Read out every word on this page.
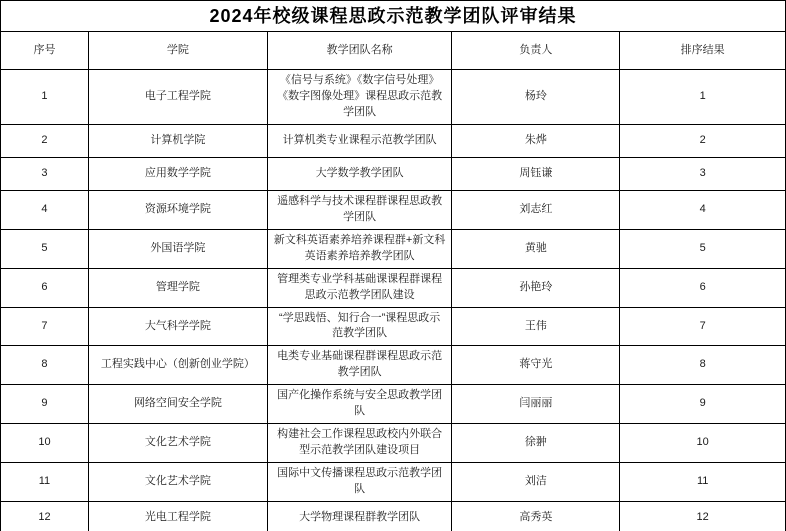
2024年校级课程思政示范教学团队评审结果				
序号	学院	教学团队名称	负责人	排序结果
1	电子工程学院	《信号与系统》《数字信号处理》《数字图像处理》课程思政示范教学团队	杨玲	1
2	计算机学院	计算机类专业课程示范教学团队	朱烨	2
3	应用数学学院	大学数学教学团队	周钰谦	3
4	资源环境学院	遥感科学与技术课程群课程思政教学团队	刘志红	4
5	外国语学院	新文科英语素养培养课程群+新文科英语素养培养教学团队	黄驰	5
6	管理学院	管理类专业学科基础课课程群课程思政示范教学团队建设	孙艳玲	6
7	大气科学学院	“学思践悟、知行合一”课程思政示范教学团队	王伟	7
8	工程实践中心（创新创业学院）	电类专业基础课程群课程思政示范教学团队	蒋守光	8
9	网络空间安全学院	国产化操作系统与安全思政教学团队	闫丽丽	9
10	文化艺术学院	构建社会工作课程思政校内外联合型示范教学团队建设项目	徐翀	10
11	文化艺术学院	国际中文传播课程思政示范教学团队	刘洁	11
12	光电工程学院	大学物理课程群教学团队	高秀英	12
